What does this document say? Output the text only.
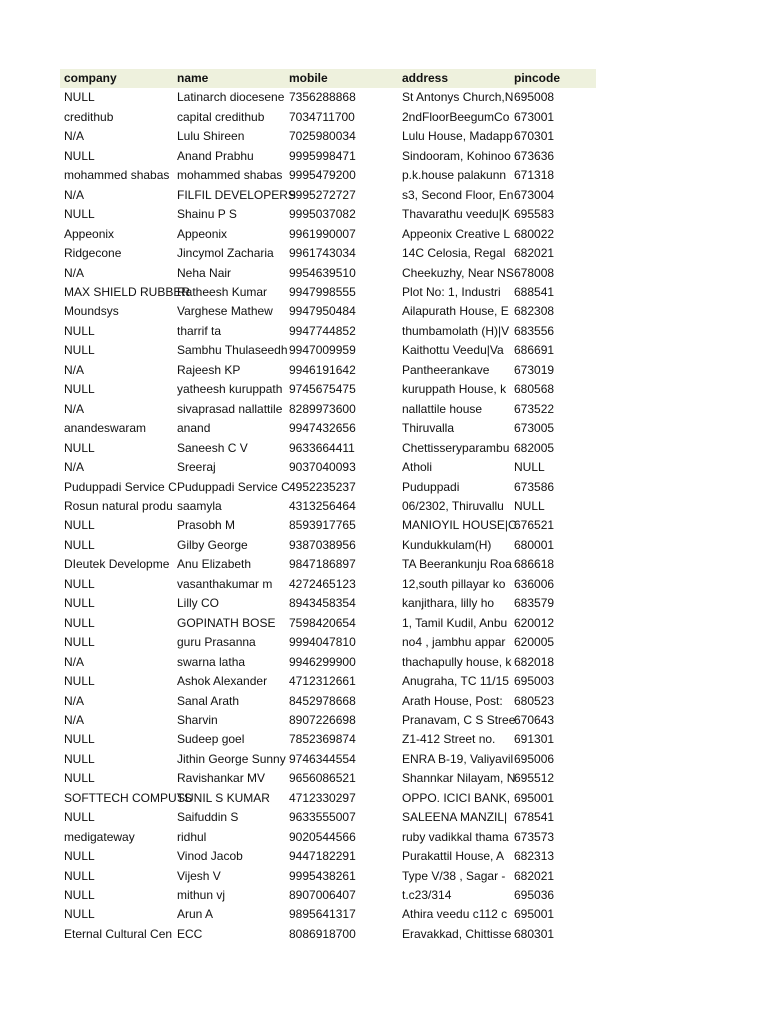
company	name	mobile	address	pincode
NULL	Latinarch diocesene	7356288868	St Antonys Church,N	695008
credithub	capital credithub	7034711700	2ndFloorBeegumCo	673001
N/A	Lulu Shireen	7025980034	Lulu House, Madapp	670301
NULL	Anand Prabhu	9995998471	Sindooram, Kohinoo	673636
mohammed shabas	mohammed shabas	9995479200	p.k.house palakunn	671318
N/A	FILFIL DEVELOPERS	9995272727	s3, Second Floor, En	673004
NULL	Shainu P S	9995037082	Thavarathu veedu|K	695583
Appeonix	Appeonix	9961990007	Appeonix Creative L	680022
Ridgecone	Jincymol Zacharia	9961743034	14C Celosia, Regal	682021
N/A	Neha Nair	9954639510	Cheekuzhy, Near NS	678008
MAX SHIELD RUBBER	Ratheesh Kumar	9947998555	Plot No: 1, Industri	688541
Moundsys	Varghese Mathew	9947950484	Ailapurath House, E	682308
NULL	tharrif ta	9947744852	thumbamolath (H)|V	683556
NULL	Sambhu Thulaseedh	9947009959	Kaithottu Veedu|Va	686691
N/A	Rajeesh KP	9946191642	Pantheerankave	673019
NULL	yatheesh kuruppath	9745675475	kuruppath House, k	680568
N/A	sivaprasad nallattile	8289973600	nallattile house	673522
anandeswaram	anand	9947432656	Thiruvalla	673005
NULL	Saneesh C V	9633664411	Chettisseryparambu	682005
N/A	Sreeraj	9037040093	Atholi	NULL
Puduppadi Service C	Puduppadi Service C	4952235237	Puduppadi	673586
Rosun natural produ	saamyla	4313256464	06/2302, Thiruvallu	NULL
NULL	Prasobh M	8593917765	MANIOYIL HOUSE|C	676521
NULL	Gilby George	9387038956	Kundukkulam(H)	680001
DIeutek Developme	Anu Elizabeth	9847186897	TA Beerankunju Roa	686618
NULL	vasanthakumar m	4272465123	12,south pillayar ko	636006
NULL	Lilly CO	8943458354	kanjithara, lilly ho	683579
NULL	GOPINATH BOSE	7598420654	1, Tamil Kudil, Anbu	620012
NULL	guru Prasanna	9994047810	no4 , jambhu appar	620005
N/A	swarna latha	9946299900	thachapully house, k	682018
NULL	Ashok Alexander	4712312661	Anugraha, TC 11/15	695003
N/A	Sanal Arath	8452978668	Arath House, Post:	680523
N/A	Sharvin	8907226698	Pranavam, C S Stree	670643
NULL	Sudeep goel	7852369874	Z1-412 Street no.	691301
NULL	Jithin George Sunny	9746344554	ENRA B-19, Valiyavil	695006
NULL	Ravishankar MV	9656086521	Shannkar Nilayam, N	695512
SOFTTECH COMPUTS	SUNIL S KUMAR	4712330297	OPPO. ICICI BANK,	695001
NULL	Saifuddin S	9633555007	SALEENA MANZIL|	678541
medigateway	ridhul	9020544566	ruby vadikkal thama	673573
NULL	Vinod Jacob	9447182291	Purakattil House, A	682313
NULL	Vijesh V	9995438261	Type V/38 , Sagar -	682021
NULL	mithun vj	8907006407	t.c23/314	695036
NULL	Arun A	9895641317	Athira veedu c112 c	695001
Eternal Cultural Cen	ECC	8086918700	Eravakkad, Chittisse	680301
